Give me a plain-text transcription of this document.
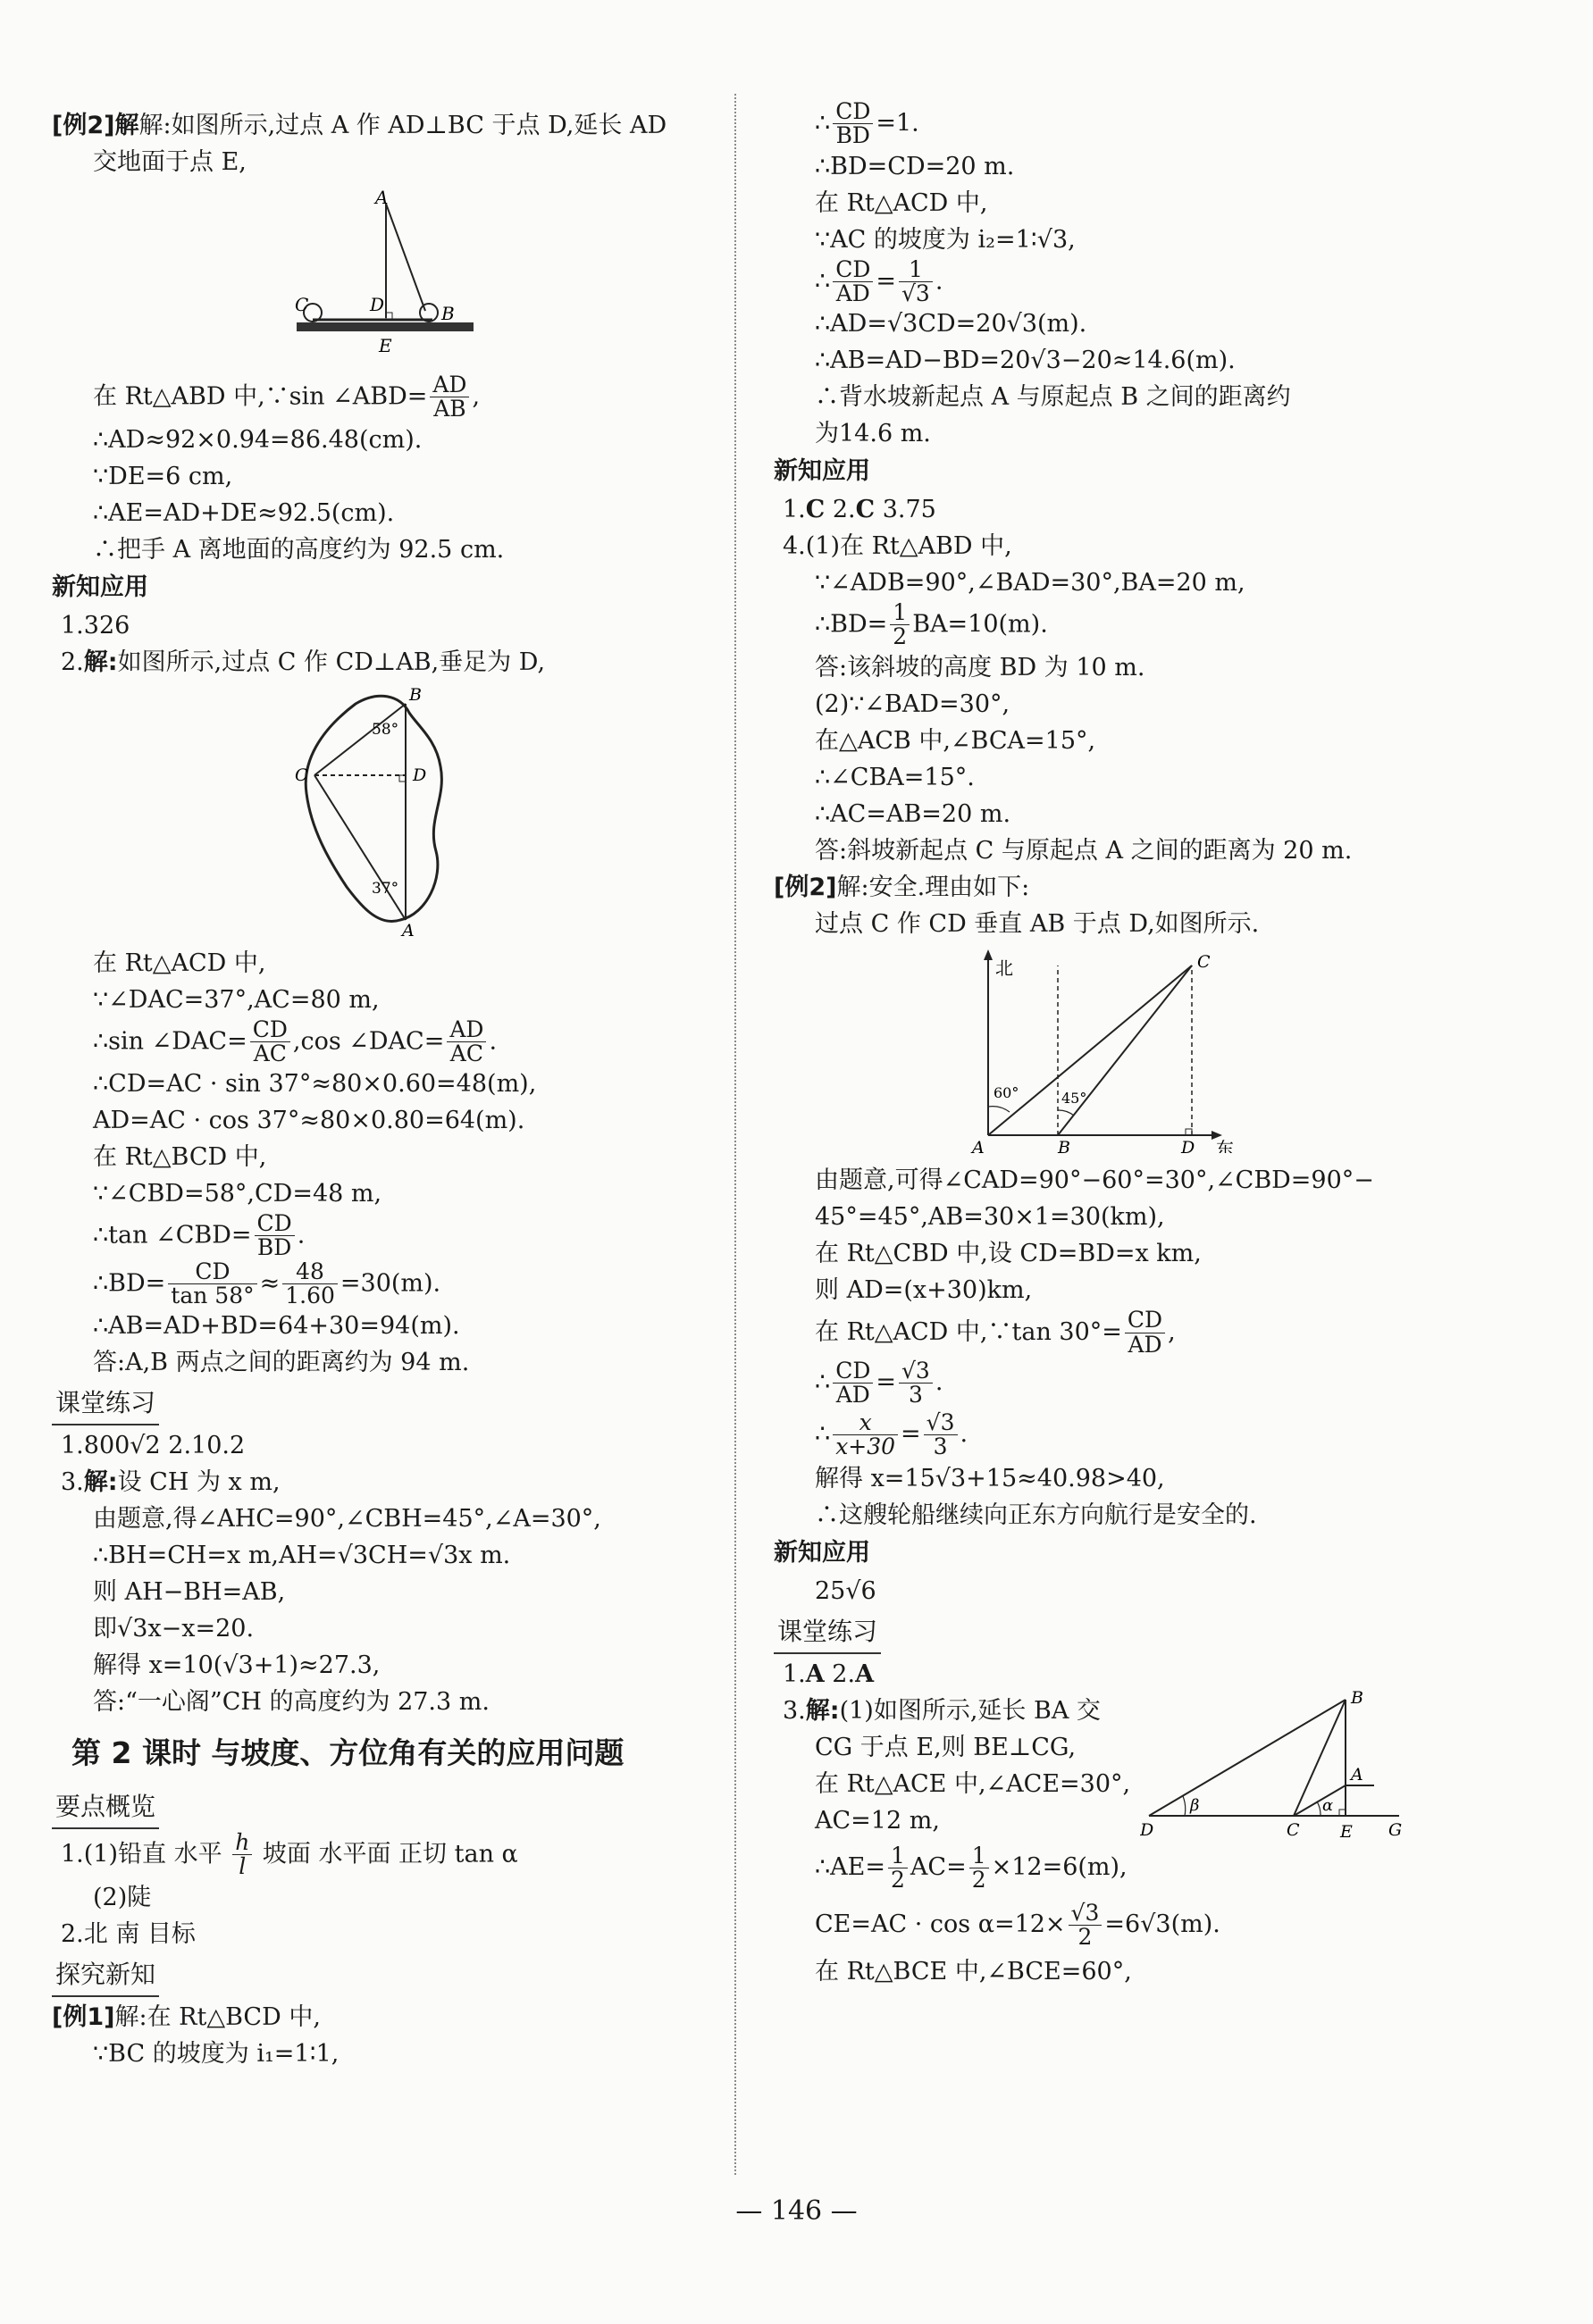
[例2]解解:如图所示,过点 A 作 AD⊥BC 于点 D,延长 AD

交地面于点 E,

A
C	D	B
E

在 Rt△ABD 中,∵sin ∠ABD= $\frac{AD}{AB}$ ,

∴AD≈92×0.94=86.48(cm).

∵DE=6 cm,

∴AE=AD+DE≈92.5(cm).

∴把手 A 离地面的高度约为 92.5 cm.

新知应用

1.326

2.解:如图所示,过点 C 作 CD⊥AB,垂足为 D,

B
C	D
A
58°
37°

在 Rt△ACD 中,

∵∠DAC=37°,AC=80 m,

∴sin ∠DAC= $\frac{CD}{AC} ,\cos$ ∠DAC= $\frac{AD}{AC}$ .

∴CD=AC · sin 37°≈80×0.60=48(m),

AD=AC · cos 37°≈80×0.80=64(m).

在 Rt△BCD 中,

∵∠CBD=58°,CD=48 m,

∴tan ∠CBD= $\frac{CD}{BD}$ .

∴BD= $\frac{CD}{\tan 58^\circ} \approx \frac{48}{1.60} =30(m)$.

∴AB=AD+BD=64+30=94(m).

答:A,B 两点之间的距离约为 94 m.

课堂练习

1.800√2 2.10.2

3.解:设 CH 为 x m,

由题意,得∠AHC=90°,∠CBH=45°,∠A=30°,

∴BH=CH=x m,AH=√3CH=√3x m.

则 AH−BH=AB,

即√3x−x=20.

解得 x=10(√3+1)≈27.3,

答:“一心阁”CH 的高度约为 27.3 m.

第 2 课时 与坡度、方位角有关的应用问题

要点概览

1.(1)铅直 水平 $\frac{h}{l}$ 坡面 水平面 正切 tan α

(2)陡

2.北 南 目标

探究新知

[例1]解:在 Rt△BCD 中,

∵BC 的坡度为 i₁=1∶1,

∴ $\frac{CD}{BD} =1$.

∴BD=CD=20 m.

在 Rt△ACD 中,

∵AC 的坡度为 i₂=1∶√3,

∴ $\frac{CD}{AD} = \frac{1}{√3}$ .

∴AD=√3CD=20√3(m).

∴AB=AD−BD=20√3−20≈14.6(m).

∴背水坡新起点 A 与原起点 B 之间的距离约

为14.6 m.

新知应用

1.C 2.C 3.75

4.(1)在 Rt△ABD 中,

∵∠ADB=90°,∠BAD=30°,BA=20 m,

∴BD= $\frac{1}{2} BA=10(m)$.

答:该斜坡的高度 BD 为 10 m.

(2)∵∠BAD=30°,

在△ACB 中,∠BCA=15°,

∴∠CBA=15°.

∴AC=AB=20 m.

答:斜坡新起点 C 与原起点 A 之间的距离为 20 m.

[例2]解:安全.理由如下:

过点 C 作 CD 垂直 AB 于点 D,如图所示.

北
东
A	B	D
C
60°	45°

由题意,可得∠CAD=90°−60°=30°,∠CBD=90°−

45°=45°,AB=30×1=30(km),

在 Rt△CBD 中,设 CD=BD=x km,

则 AD=(x+30)km,

在 Rt△ACD 中,∵tan $30^\circ= \frac{CD}{AD}$ ,

∴ $\frac{CD}{AD} = \frac{√3}{3}$ .

∴ $\frac{x}{x+30} = \frac{√3}{3}$ .

解得 x=15√3+15≈40.98>40,

∴这艘轮船继续向正东方向航行是安全的.

新知应用

25√6

课堂练习

1.A 2.A

3.解:(1)如图所示,延长 BA 交

CG 于点 E,则 BE⊥CG,

在 Rt△ACE 中,∠ACE=30°,

AC=12 m,

B
A
D	C E G
β	α

∴AE= $\frac{1}{2} AC= \frac{1}{2} \times 12=6(m)$,

$CE=AC \cdot \cos \alpha=12\times \frac{√3}{2} =6√3(m)$.

在 Rt△BCE 中,∠BCE=60°,

— 146 —
